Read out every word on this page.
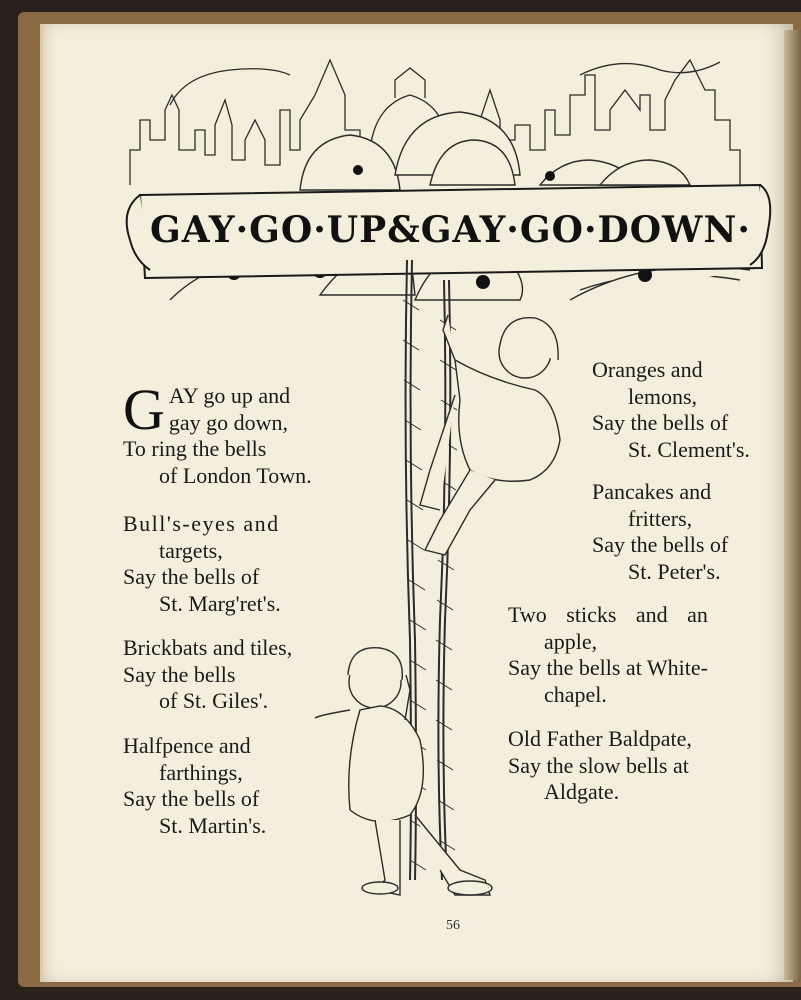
GAY·GO·UP&GAY·GO·DOWN·
G AY go up and
gay go down,
To ring the bells
of London Town.
Bull's-eyes and
targets,
Say the bells of
St. Marg'ret's.
Brickbats and tiles,
Say the bells
of St. Giles'.
Halfpence and
farthings,
Say the bells of
St. Martin's.
Oranges and
lemons,
Say the bells of
St. Clement's.
Pancakes and
fritters,
Say the bells of
St. Peter's.
Two sticks and an
apple,
Say the bells at White-
chapel.
Old Father Baldpate,
Say the slow bells at
Aldgate.
56
